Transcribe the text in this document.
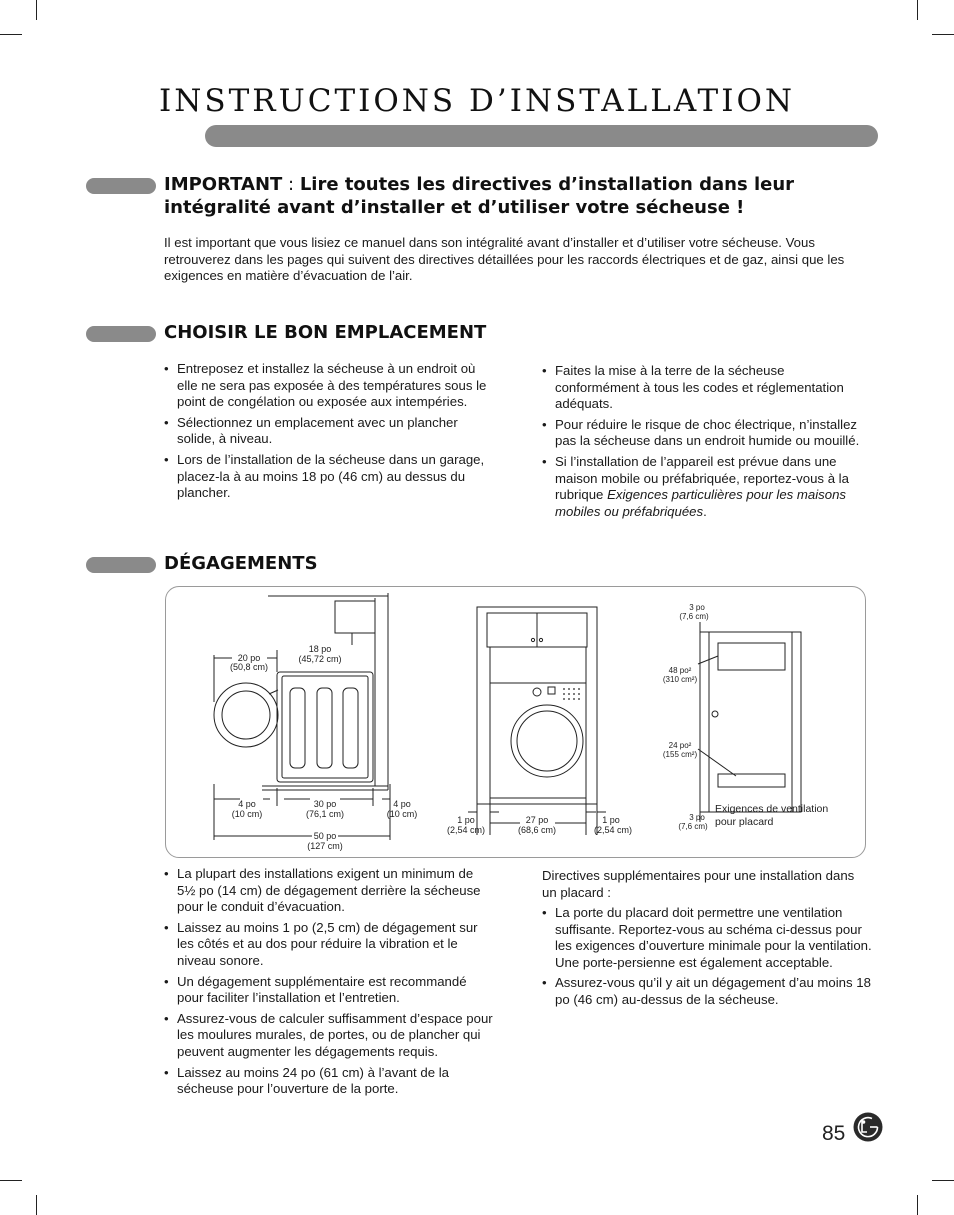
INSTRUCTIONS D’INSTALLATION
IMPORTANT : Lire toutes les directives d’installation dans leur intégralité avant d’installer et d’utiliser votre sécheuse !
Il est important que vous lisiez ce manuel dans son intégralité avant d’installer et d’utiliser votre sécheuse. Vous retrouverez dans les pages qui suivent des directives détaillées pour les raccords électriques et de gaz, ainsi que les exigences en matière d’évacuation de l’air.
CHOISIR LE BON EMPLACEMENT
• Entreposez et installez la sécheuse à un endroit où elle ne sera pas exposée à des températures sous le point de congélation ou exposée aux intempéries.
• Sélectionnez un emplacement avec un plancher solide, à niveau.
• Lors de l’installation de la sécheuse dans un garage, placez-la à au moins 18 po (46 cm) au dessus du plancher.
• Faites la mise à la terre de la sécheuse conformément à tous les codes et réglementation adéquats.
• Pour réduire le risque de choc électrique, n’installez pas la sécheuse dans un endroit humide ou mouillé.
• Si l’installation de l’appareil est prévue dans une maison mobile ou préfabriquée, reportez-vous à la rubrique Exigences particulières pour les maisons mobiles ou préfabriquées.
DÉGAGEMENTS
20 po
(50,8 cm)
18 po
(45,72 cm)
4 po
(10 cm)
30 po
(76,1 cm)
4 po
(10 cm)
50 po
(127 cm)
1 po
(2,54 cm)
27 po
(68,6 cm)
1 po
(2,54 cm)
3 po
(7,6 cm)
48 po²
(310 cm²)
24 po²
(155 cm²)
3 po
(7,6 cm)
Exigences de ventilation
pour placard
• La plupart des installations exigent un minimum de 5½ po (14 cm) de dégagement derrière la sécheuse pour le conduit d’évacuation.
• Laissez au moins 1 po (2,5 cm) de dégagement sur les côtés et au dos pour réduire la vibration et le niveau sonore.
• Un dégagement supplémentaire est recommandé pour faciliter l’installation et l’entretien.
• Assurez-vous de calculer suffisamment d’espace pour les moulures murales, de portes, ou de plancher qui peuvent augmenter les dégagements requis.
• Laissez au moins 24 po (61 cm) à l’avant de la sécheuse pour l’ouverture de la porte.
Directives supplémentaires pour une installation dans un placard :
• La porte du placard doit permettre une ventilation suffisante. Reportez-vous au schéma ci-dessus pour les exigences d’ouverture minimale pour la ventilation. Une porte-persienne est également acceptable.
• Assurez-vous qu’il y ait un dégagement d’au moins 18 po (46 cm) au-dessus de la sécheuse.
85
